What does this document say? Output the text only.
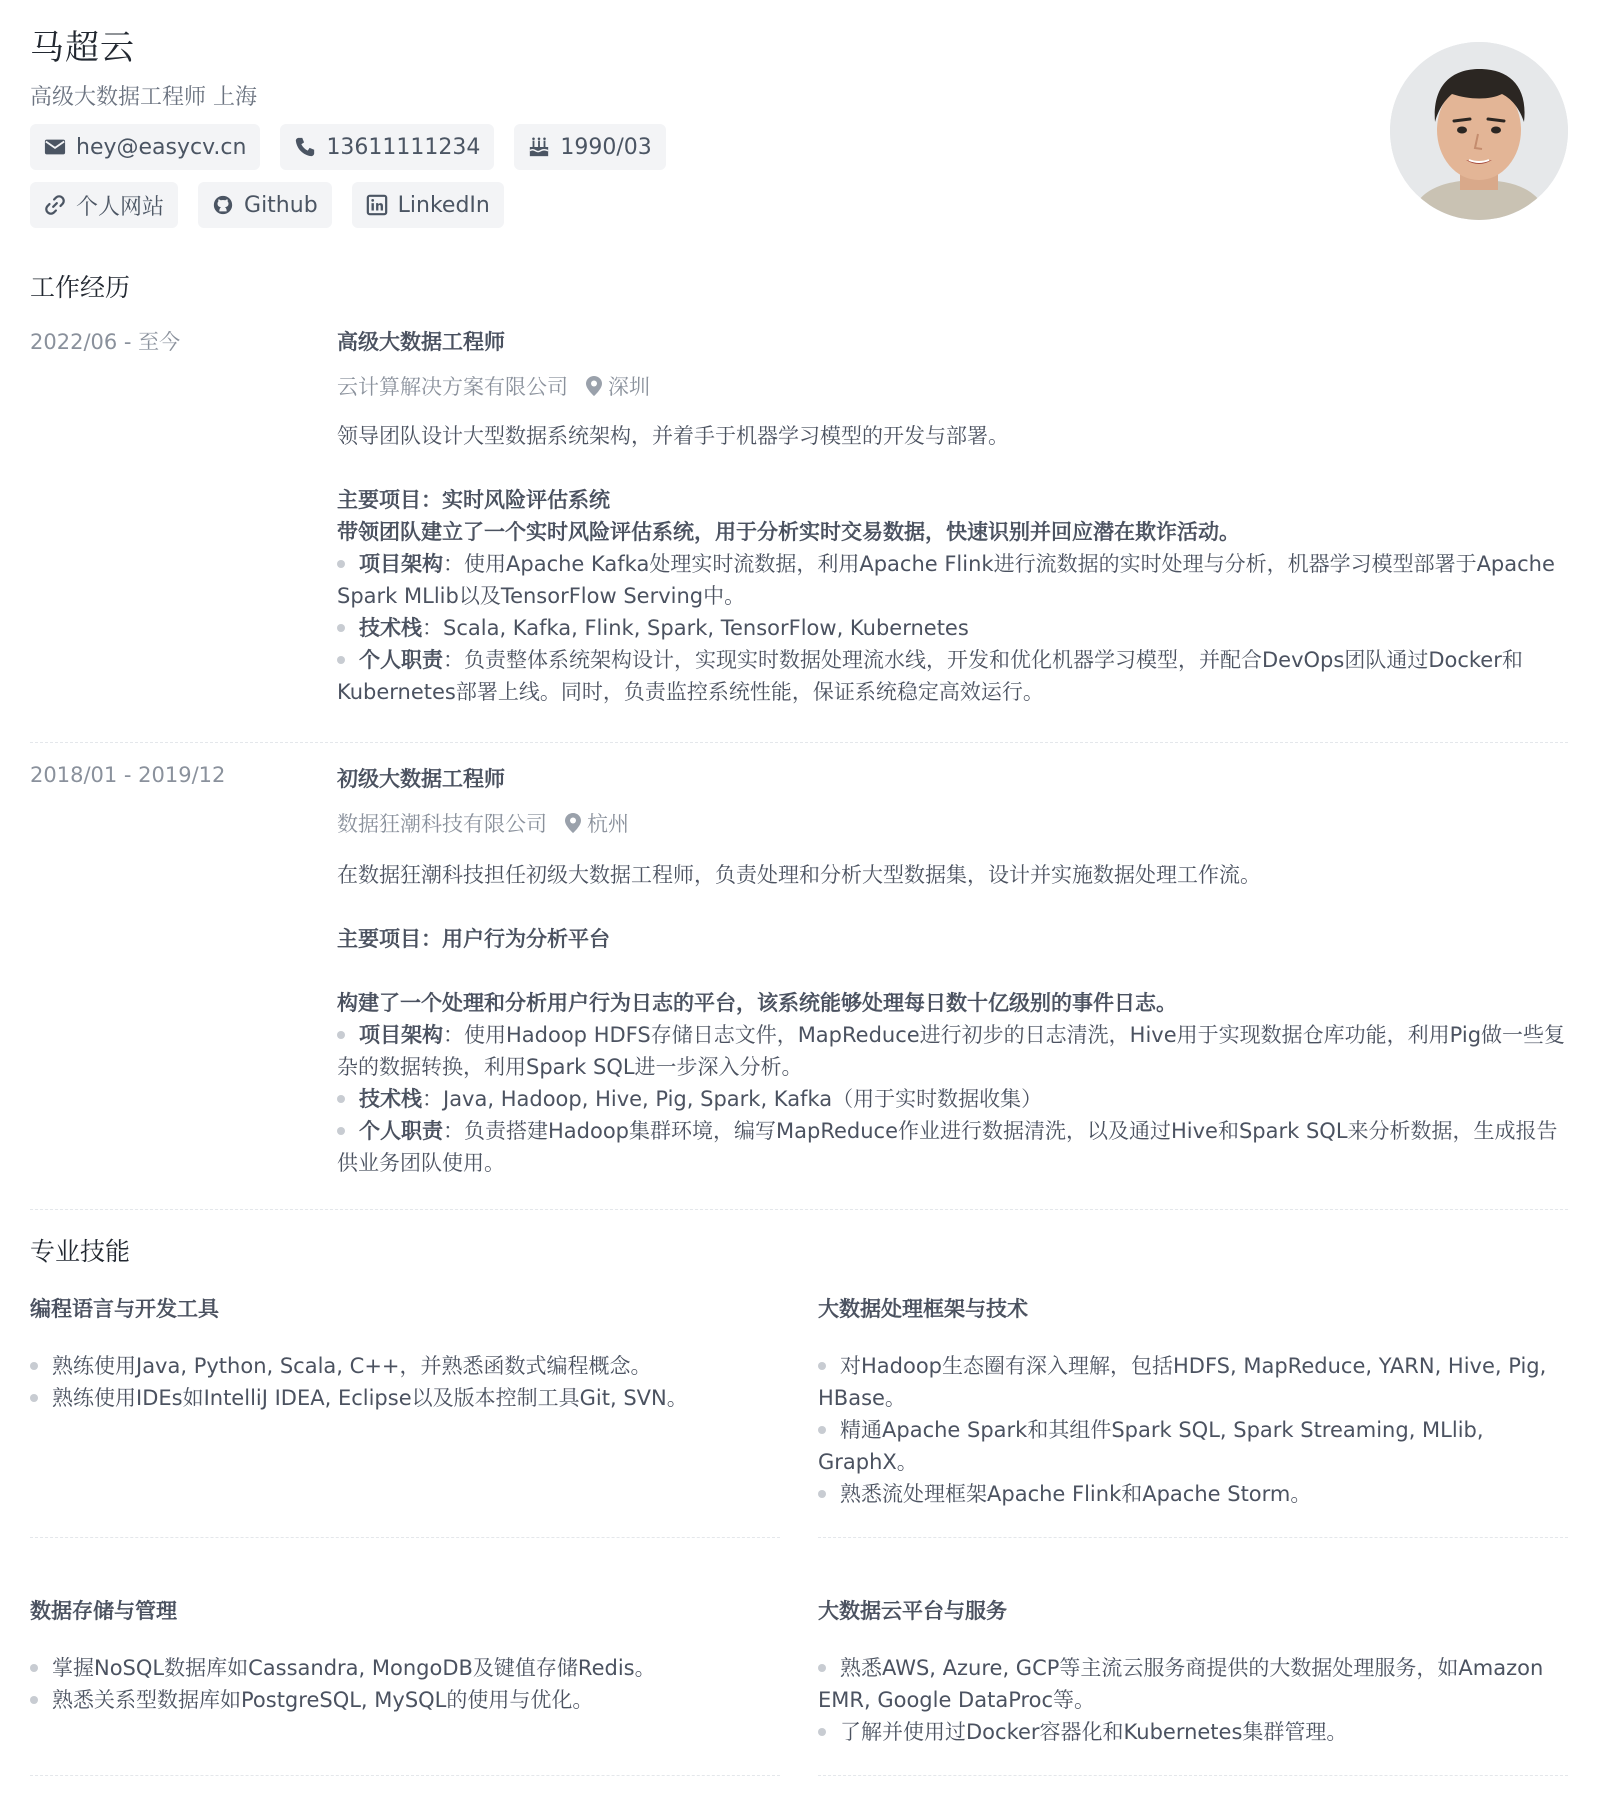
马超云
高级大数据工程师 上海
hey@easycv.cn	13611111234	1990/03
个人网站	Github	LinkedIn
工作经历
2022/06 - 至今	高级大数据工程师
云计算解决方案有限公司 深圳
领导团队设计大型数据系统架构，并着手于机器学习模型的开发与部署。
主要项目：实时风险评估系统
带领团队建立了一个实时风险评估系统，用于分析实时交易数据，快速识别并回应潜在欺诈活动。
项目架构：使用Apache Kafka处理实时流数据，利用Apache Flink进行流数据的实时处理与分析，机器学习模型部署于Apache Spark MLlib以及TensorFlow Serving中。
技术栈：Scala, Kafka, Flink, Spark, TensorFlow, Kubernetes
个人职责：负责整体系统架构设计，实现实时数据处理流水线，开发和优化机器学习模型，并配合DevOps团队通过Docker和Kubernetes部署上线。同时，负责监控系统性能，保证系统稳定高效运行。
2018/01 - 2019/12	初级大数据工程师
数据狂潮科技有限公司 杭州
在数据狂潮科技担任初级大数据工程师，负责处理和分析大型数据集，设计并实施数据处理工作流。
主要项目：用户行为分析平台
构建了一个处理和分析用户行为日志的平台，该系统能够处理每日数十亿级别的事件日志。
项目架构：使用Hadoop HDFS存储日志文件，MapReduce进行初步的日志清洗，Hive用于实现数据仓库功能，利用Pig做一些复杂的数据转换，利用Spark SQL进一步深入分析。
技术栈：Java, Hadoop, Hive, Pig, Spark, Kafka（用于实时数据收集）
个人职责：负责搭建Hadoop集群环境，编写MapReduce作业进行数据清洗，以及通过Hive和Spark SQL来分析数据，生成报告供业务团队使用。
专业技能
编程语言与开发工具
熟练使用Java, Python, Scala, C++，并熟悉函数式编程概念。
熟练使用IDEs如IntelliJ IDEA, Eclipse以及版本控制工具Git, SVN。
大数据处理框架与技术
对Hadoop生态圈有深入理解，包括HDFS, MapReduce, YARN, Hive, Pig, HBase。
精通Apache Spark和其组件Spark SQL, Spark Streaming, MLlib, GraphX。
熟悉流处理框架Apache Flink和Apache Storm。
数据存储与管理
掌握NoSQL数据库如Cassandra, MongoDB及键值存储Redis。
熟悉关系型数据库如PostgreSQL, MySQL的使用与优化。
大数据云平台与服务
熟悉AWS, Azure, GCP等主流云服务商提供的大数据处理服务，如Amazon EMR, Google DataProc等。
了解并使用过Docker容器化和Kubernetes集群管理。
